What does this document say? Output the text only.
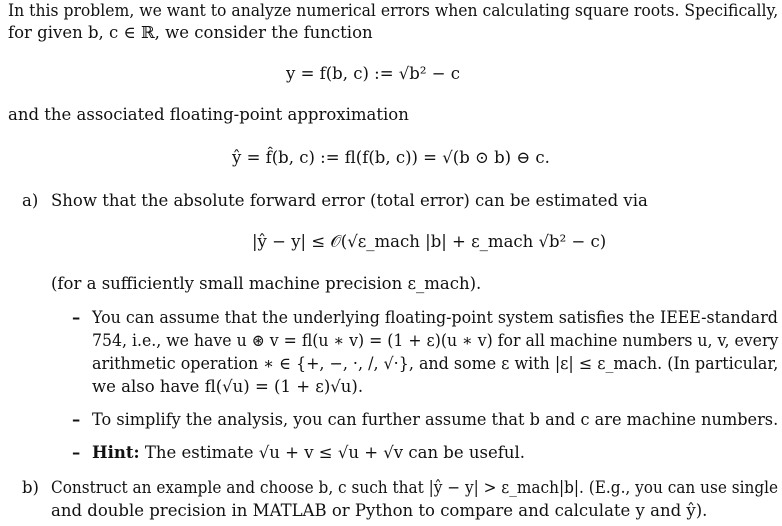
In this problem, we want to analyze numerical errors when calculating square roots. Specifically,
for given b, c ∈ ℝ, we consider the function
y = f(b, c) := √b² − c
and the associated floating-point approximation
ŷ = f̂(b, c) := fl(f(b, c)) = √(b ⊙ b) ⊖ c.
a) Show that the absolute forward error (total error) can be estimated via
|ŷ − y| ≤ 𝒪(√ε_mach |b| + ε_mach √b² − c)
(for a sufficiently small machine precision ε_mach).
– You can assume that the underlying floating-point system satisfies the IEEE-standard
754, i.e., we have u ⊛ v = fl(u ∗ v) = (1 + ε)(u ∗ v) for all machine numbers u, v, every
arithmetic operation ∗ ∈ {+, −, ·, /, √·}, and some ε with |ε| ≤ ε_mach. (In particular,
we also have fl(√u) = (1 + ε)√u).
– To simplify the analysis, you can further assume that b and c are machine numbers.
– Hint: The estimate √u + v ≤ √u + √v can be useful.
b) Construct an example and choose b, c such that |ŷ − y| > ε_mach|b|. (E.g., you can use single
and double precision in MATLAB or Python to compare and calculate y and ŷ).
